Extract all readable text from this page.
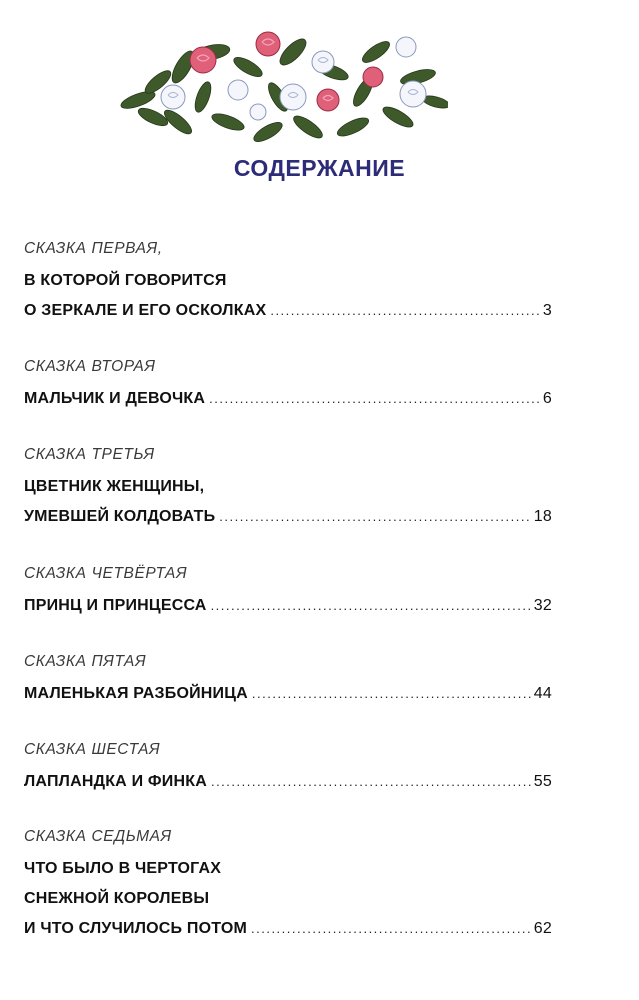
СОДЕРЖАНИЕ
СКАЗКА ПЕРВАЯ,
В КОТОРОЙ ГОВОРИТСЯ
О ЗЕРКАЛЕ И ЕГО ОСКОЛКАХ .....	3
СКАЗКА ВТОРАЯ
МАЛЬЧИК И ДЕВОЧКА .....	6
СКАЗКА ТРЕТЬЯ
ЦВЕТНИК ЖЕНЩИНЫ,
УМЕВШЕЙ КОЛДОВАТЬ .....	18
СКАЗКА ЧЕТВЁРТАЯ
ПРИНЦ И ПРИНЦЕССА .....	32
СКАЗКА ПЯТАЯ
МАЛЕНЬКАЯ РАЗБОЙНИЦА .....	44
СКАЗКА ШЕСТАЯ
ЛАПЛАНДКА И ФИНКА .....	55
СКАЗКА СЕДЬМАЯ
ЧТО БЫЛО В ЧЕРТОГАХ
СНЕЖНОЙ КОРОЛЕВЫ
И ЧТО СЛУЧИЛОСЬ ПОТОМ .....	62
